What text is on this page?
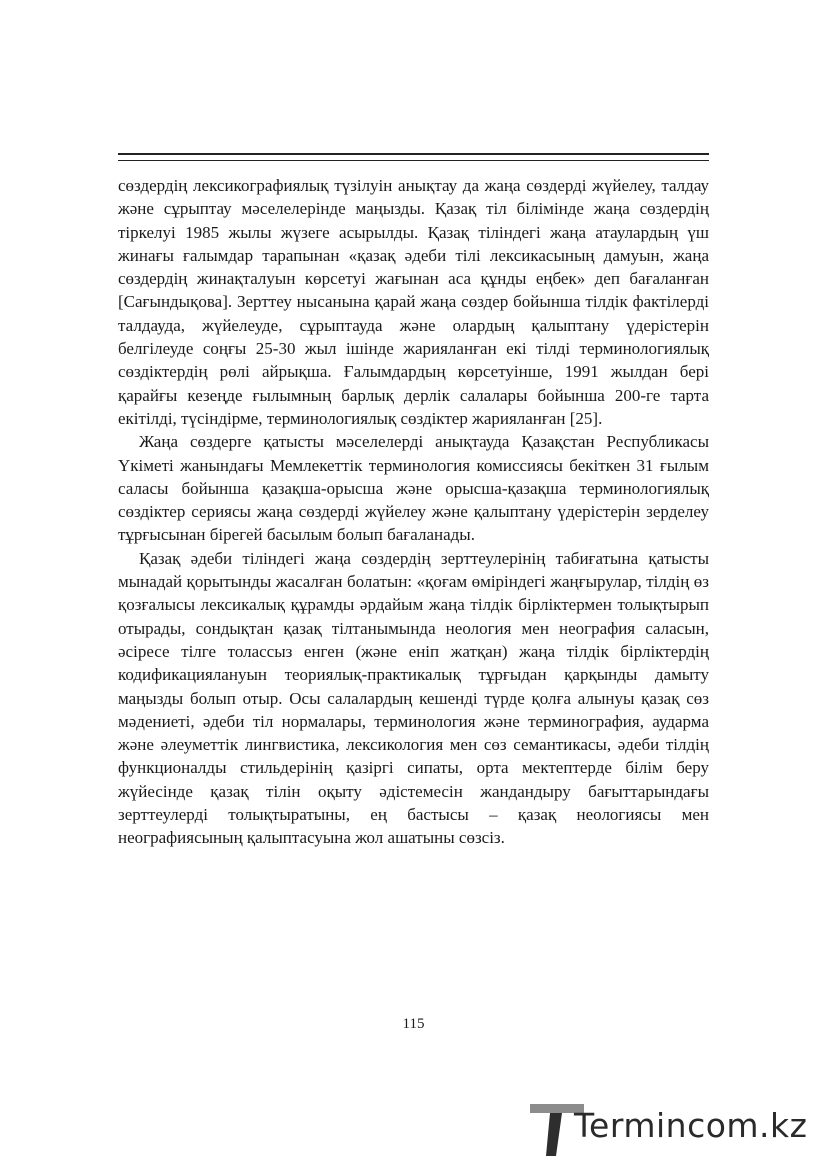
сөздердің лексикографиялық түзілуін анықтау да жаңа сөздерді жүйелеу, талдау және сұрыптау мәселелерінде маңызды. Қазақ тіл білімінде жаңа сөздердің тіркелуі 1985 жылы жүзеге асырылды. Қазақ тіліндегі жаңа атаулардың үш жинағы ғалымдар тарапынан «қазақ әдеби тілі лексикасының дамуын, жаңа сөздердің жинақталуын көрсетуі жағынан аса құнды еңбек» деп бағаланған [Сағындықова]. Зерттеу нысанына қарай жаңа сөздер бойынша тілдік фактілерді талдауда, жүйелеуде, сұрыптауда және олардың қалыптану үдерістерін белгілеуде соңғы 25-30 жыл ішінде жарияланған екі тілді терминологиялық сөздіктердің рөлі айрықша. Ғалымдардың көрсетуінше, 1991 жылдан бері қарайғы кезеңде ғылымның барлық дерлік салалары бойынша 200-ге тарта екітілді, түсіндірме, терминологиялық сөздіктер жарияланған [25].

Жаңа сөздерге қатысты мәселелерді анықтауда Қазақстан Республикасы Үкіметі жанындағы Мемлекеттік терминология комиссиясы бекіткен 31 ғылым саласы бойынша қазақша-орысша және орысша-қазақша терминологиялық сөздіктер сериясы жаңа сөздерді жүйелеу және қалыптану үдерістерін зерделеу тұрғысынан бірегей басылым болып бағаланады.

Қазақ әдеби тіліндегі жаңа сөздердің зерттеулерінің табиғатына қатысты мынадай қорытынды жасалған болатын: «қоғам өміріндегі жаңғырулар, тілдің өз қозғалысы лексикалық құрамды әрдайым жаңа тілдік бірліктермен толықтырып отырады, сондықтан қазақ тілтанымында неология мен неография саласын, әсіресе тілге толассыз енген (және еніп жатқан) жаңа тілдік бірліктердің кодификациялануын теориялық-практикалық тұрғыдан қарқынды дамыту маңызды болып отыр. Осы салалардың кешенді түрде қолға алынуы қазақ сөз мәдениеті, әдеби тіл нормалары, терминология және терминография, аударма және әлеуметтік лингвистика, лексикология мен сөз семантикасы, әдеби тілдің функционалды стильдерінің қазіргі сипаты, орта мектептерде білім беру жүйесінде қазақ тілін оқыту әдістемесін жандандыру бағыттарындағы зерттеулерді толықтыратыны, ең бастысы – қазақ неологиясы мен неографиясының қалыптасуына жол ашатыны сөзсіз.

115
Termincom.kz
